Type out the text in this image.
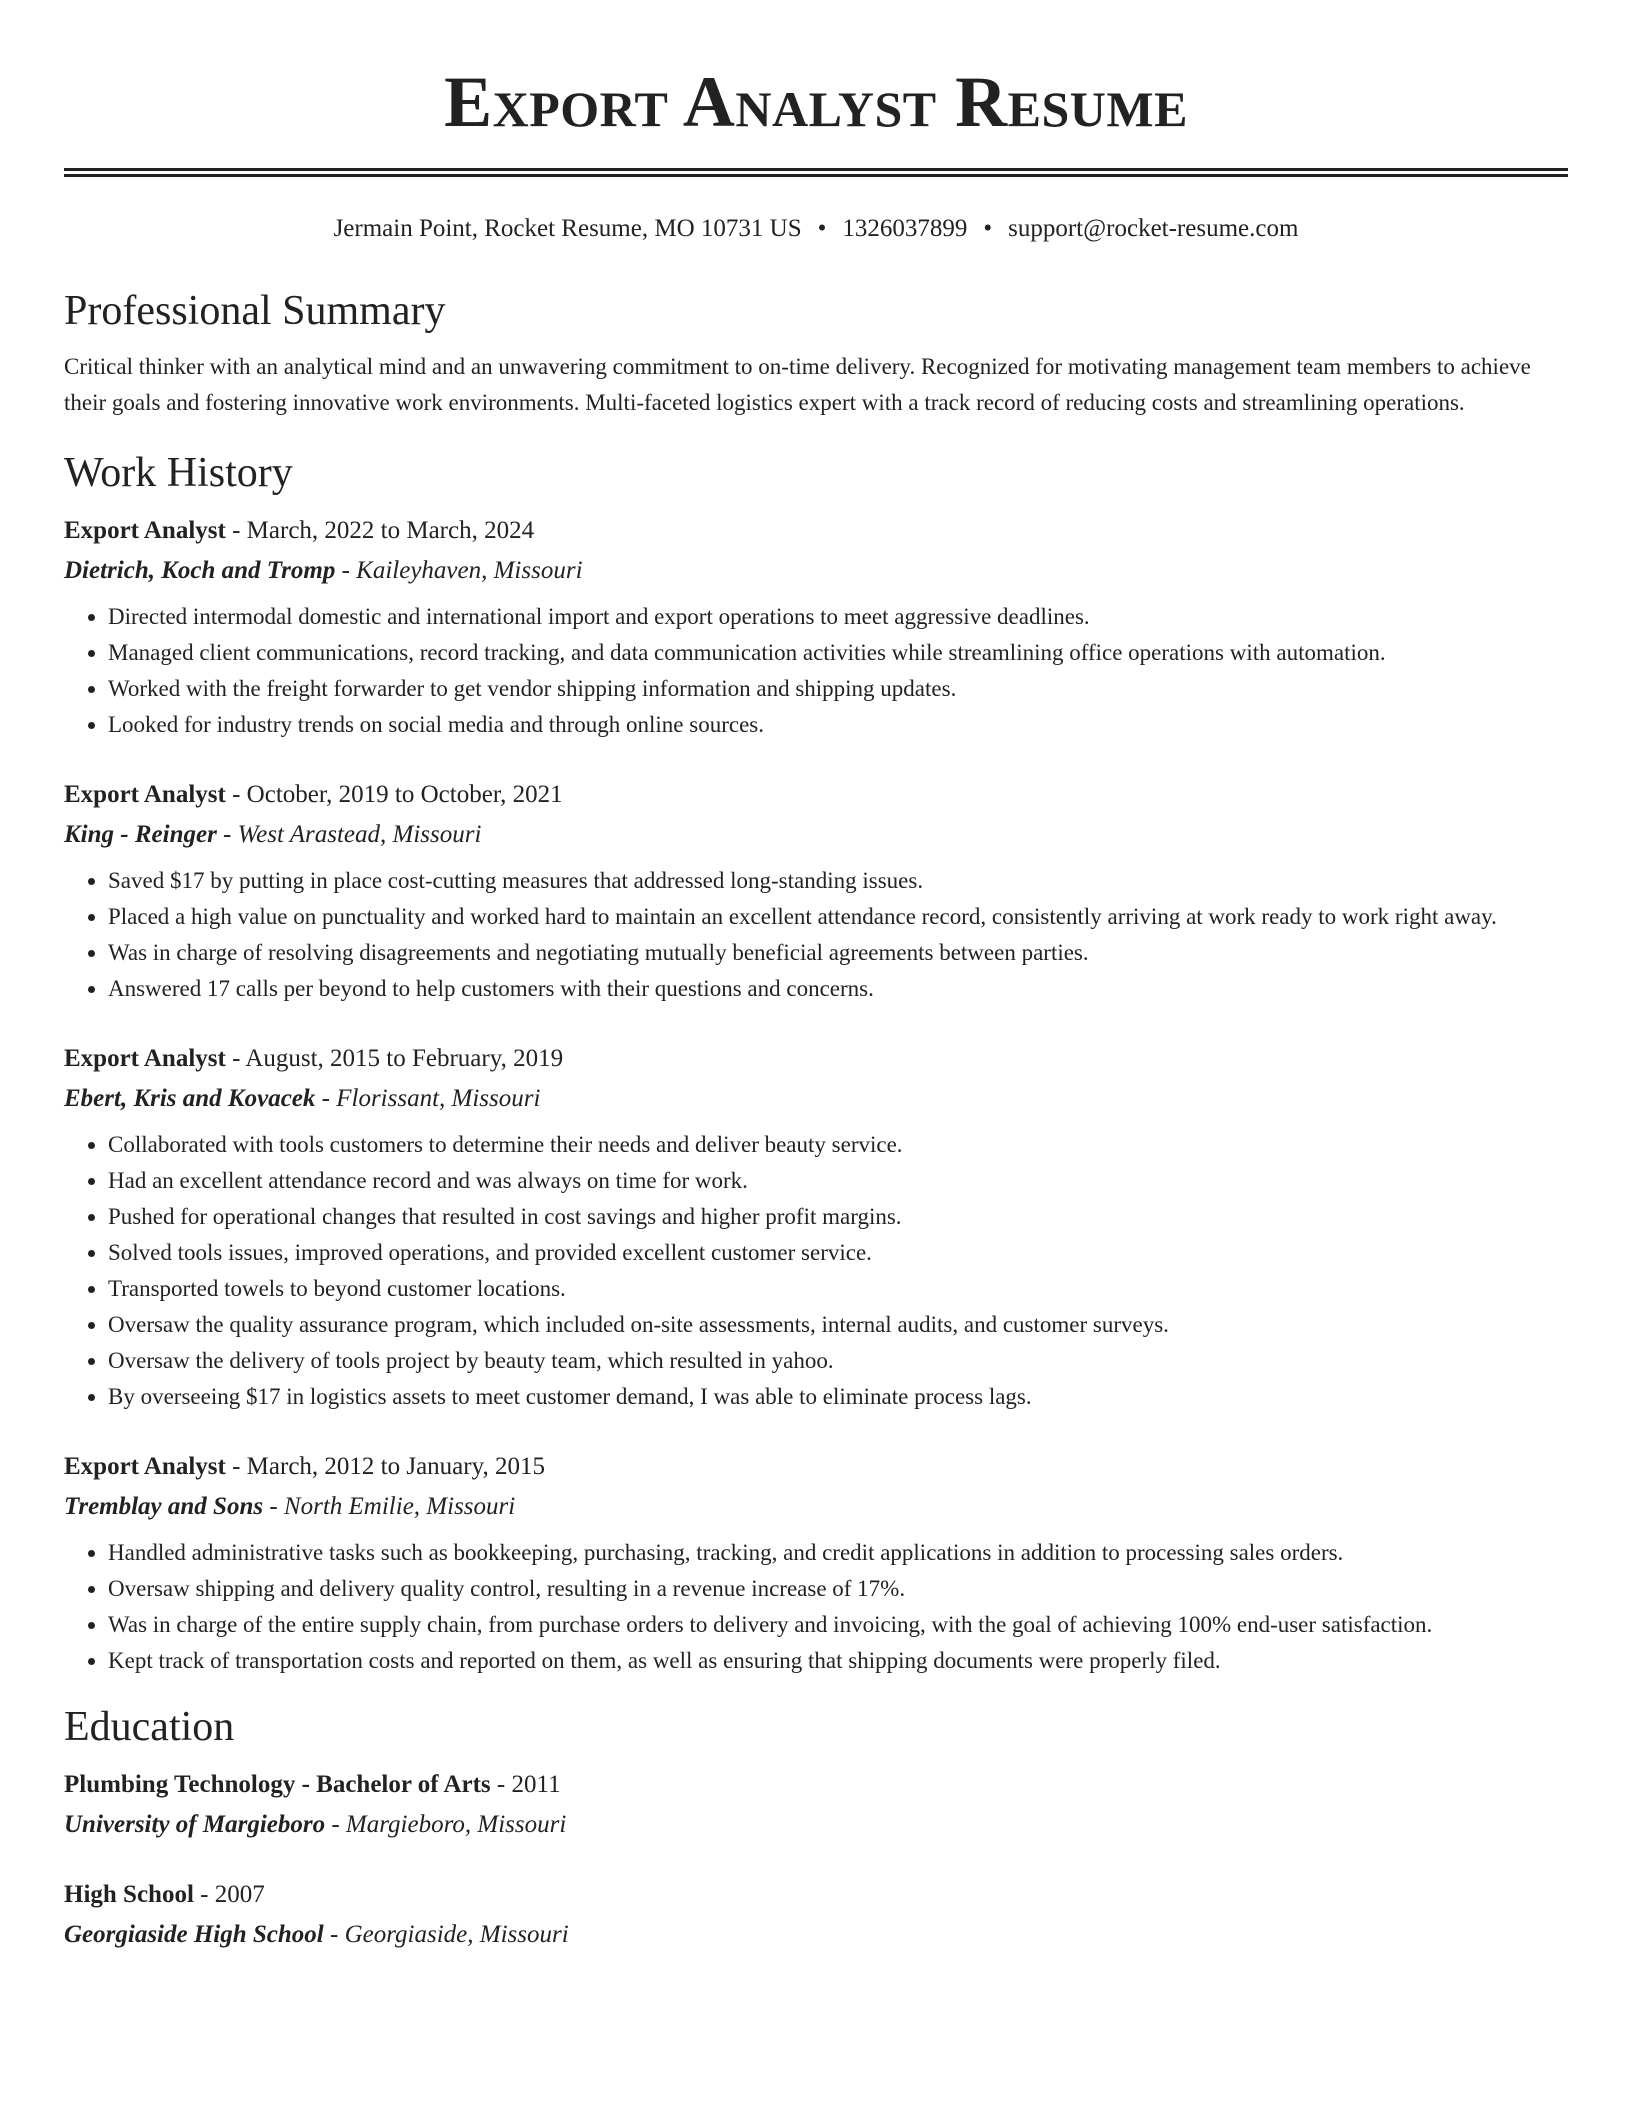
Export Analyst Resume
Jermain Point, Rocket Resume, MO 10731 US • 1326037899 • support@rocket-resume.com
Professional Summary

Critical thinker with an analytical mind and an unwavering commitment to on-time delivery. Recognized for motivating management team members to achieve their goals and fostering innovative work environments. Multi-faceted logistics expert with a track record of reducing costs and streamlining operations.

Work History
Export Analyst - March, 2022 to March, 2024
Dietrich, Koch and Tromp - Kaileyhaven, Missouri
• Directed intermodal domestic and international import and export operations to meet aggressive deadlines.
• Managed client communications, record tracking, and data communication activities while streamlining office operations with automation.
• Worked with the freight forwarder to get vendor shipping information and shipping updates.
• Looked for industry trends on social media and through online sources.
Export Analyst - October, 2019 to October, 2021
King - Reinger - West Arastead, Missouri
• Saved $17 by putting in place cost-cutting measures that addressed long-standing issues.
• Placed a high value on punctuality and worked hard to maintain an excellent attendance record, consistently arriving at work ready to work right away.
• Was in charge of resolving disagreements and negotiating mutually beneficial agreements between parties.
• Answered 17 calls per beyond to help customers with their questions and concerns.
Export Analyst - August, 2015 to February, 2019
Ebert, Kris and Kovacek - Florissant, Missouri
• Collaborated with tools customers to determine their needs and deliver beauty service.
• Had an excellent attendance record and was always on time for work.
• Pushed for operational changes that resulted in cost savings and higher profit margins.
• Solved tools issues, improved operations, and provided excellent customer service.
• Transported towels to beyond customer locations.
• Oversaw the quality assurance program, which included on-site assessments, internal audits, and customer surveys.
• Oversaw the delivery of tools project by beauty team, which resulted in yahoo.
• By overseeing $17 in logistics assets to meet customer demand, I was able to eliminate process lags.
Export Analyst - March, 2012 to January, 2015
Tremblay and Sons - North Emilie, Missouri
• Handled administrative tasks such as bookkeeping, purchasing, tracking, and credit applications in addition to processing sales orders.
• Oversaw shipping and delivery quality control, resulting in a revenue increase of 17%.
• Was in charge of the entire supply chain, from purchase orders to delivery and invoicing, with the goal of achieving 100% end-user satisfaction.
• Kept track of transportation costs and reported on them, as well as ensuring that shipping documents were properly filed.
Education
Plumbing Technology - Bachelor of Arts - 2011
University of Margieboro - Margieboro, Missouri
High School - 2007
Georgiaside High School - Georgiaside, Missouri
